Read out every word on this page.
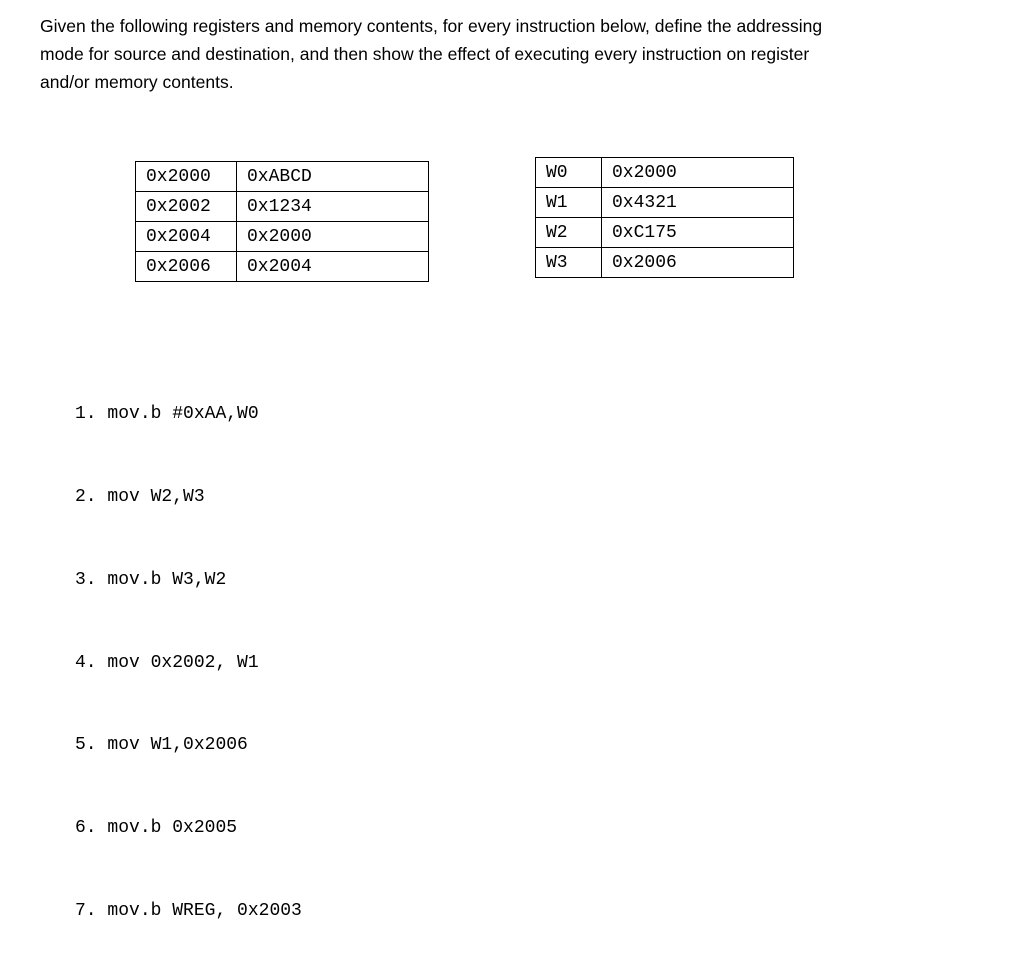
Given the following registers and memory contents, for every instruction below, define the addressing
mode for source and destination, and then show the effect of executing every instruction on register
and/or memory contents.
0x2000	0xABCD
0x2002	0x1234
0x2004	0x2000
0x2006	0x2004
W0	0x2000
W1	0x4321
W2	0xC175
W3	0x2006

1. mov.b #0xAA,W0

2. mov W2,W3

3. mov.b W3,W2

4. mov 0x2002, W1

5. mov W1,0x2006

6. mov.b 0x2005

7. mov.b WREG, 0x2003
